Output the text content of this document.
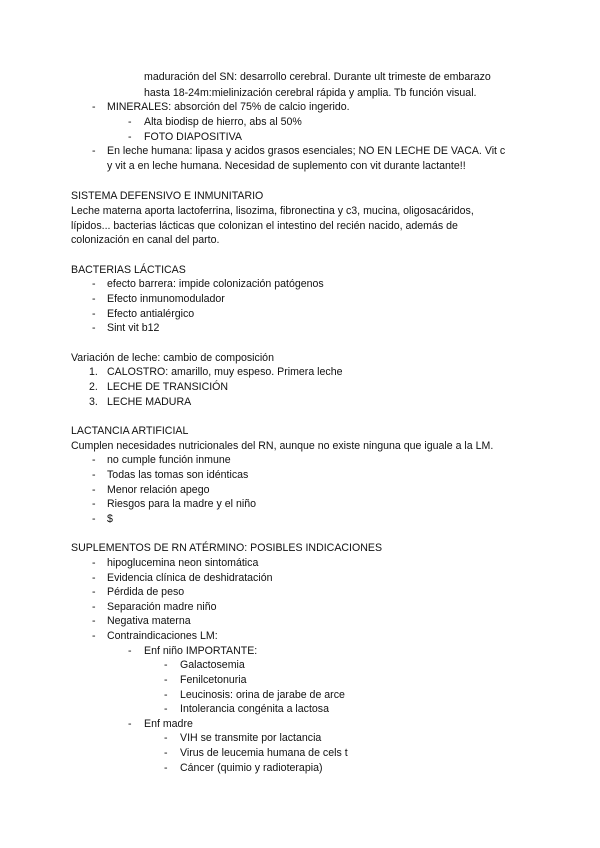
maduración del SN: desarrollo cerebral. Durante ult trimeste de embarazo
hasta 18-24m:mielinización cerebral rápida y amplia. Tb función visual.
- MINERALES: absorción del 75% de calcio ingerido.
- Alta biodisp de hierro, abs al 50%
- FOTO DIAPOSITIVA
- En leche humana: lipasa y acidos grasos esenciales; NO EN LECHE DE VACA. Vit c
y vit a en leche humana. Necesidad de suplemento con vit durante lactante!!
SISTEMA DEFENSIVO E INMUNITARIO
Leche materna aporta lactoferrina, lisozima, fibronectina y c3, mucina, oligosacáridos,
lípidos... bacterias lácticas que colonizan el intestino del recién nacido, además de
colonización en canal del parto.
BACTERIAS LÁCTICAS
- efecto barrera: impide colonización patógenos
- Efecto inmunomodulador
- Efecto antialérgico
- Sint vit b12
Variación de leche: cambio de composición
1. CALOSTRO: amarillo, muy espeso. Primera leche
2. LECHE DE TRANSICIÓN
3. LECHE MADURA
LACTANCIA ARTIFICIAL
Cumplen necesidades nutricionales del RN, aunque no existe ninguna que iguale a la LM.
- no cumple función inmune
- Todas las tomas son idénticas
- Menor relación apego
- Riesgos para la madre y el niño
- $
SUPLEMENTOS DE RN ATÉRMINO: POSIBLES INDICACIONES
- hipoglucemina neon sintomática
- Evidencia clínica de deshidratación
- Pérdida de peso
- Separación madre niño
- Negativa materna
- Contraindicaciones LM:
- Enf niño IMPORTANTE:
- Galactosemia
- Fenilcetonuria
- Leucinosis: orina de jarabe de arce
- Intolerancia congénita a lactosa
- Enf madre
- VIH se transmite por lactancia
- Virus de leucemia humana de cels t
- Cáncer (quimio y radioterapia)
